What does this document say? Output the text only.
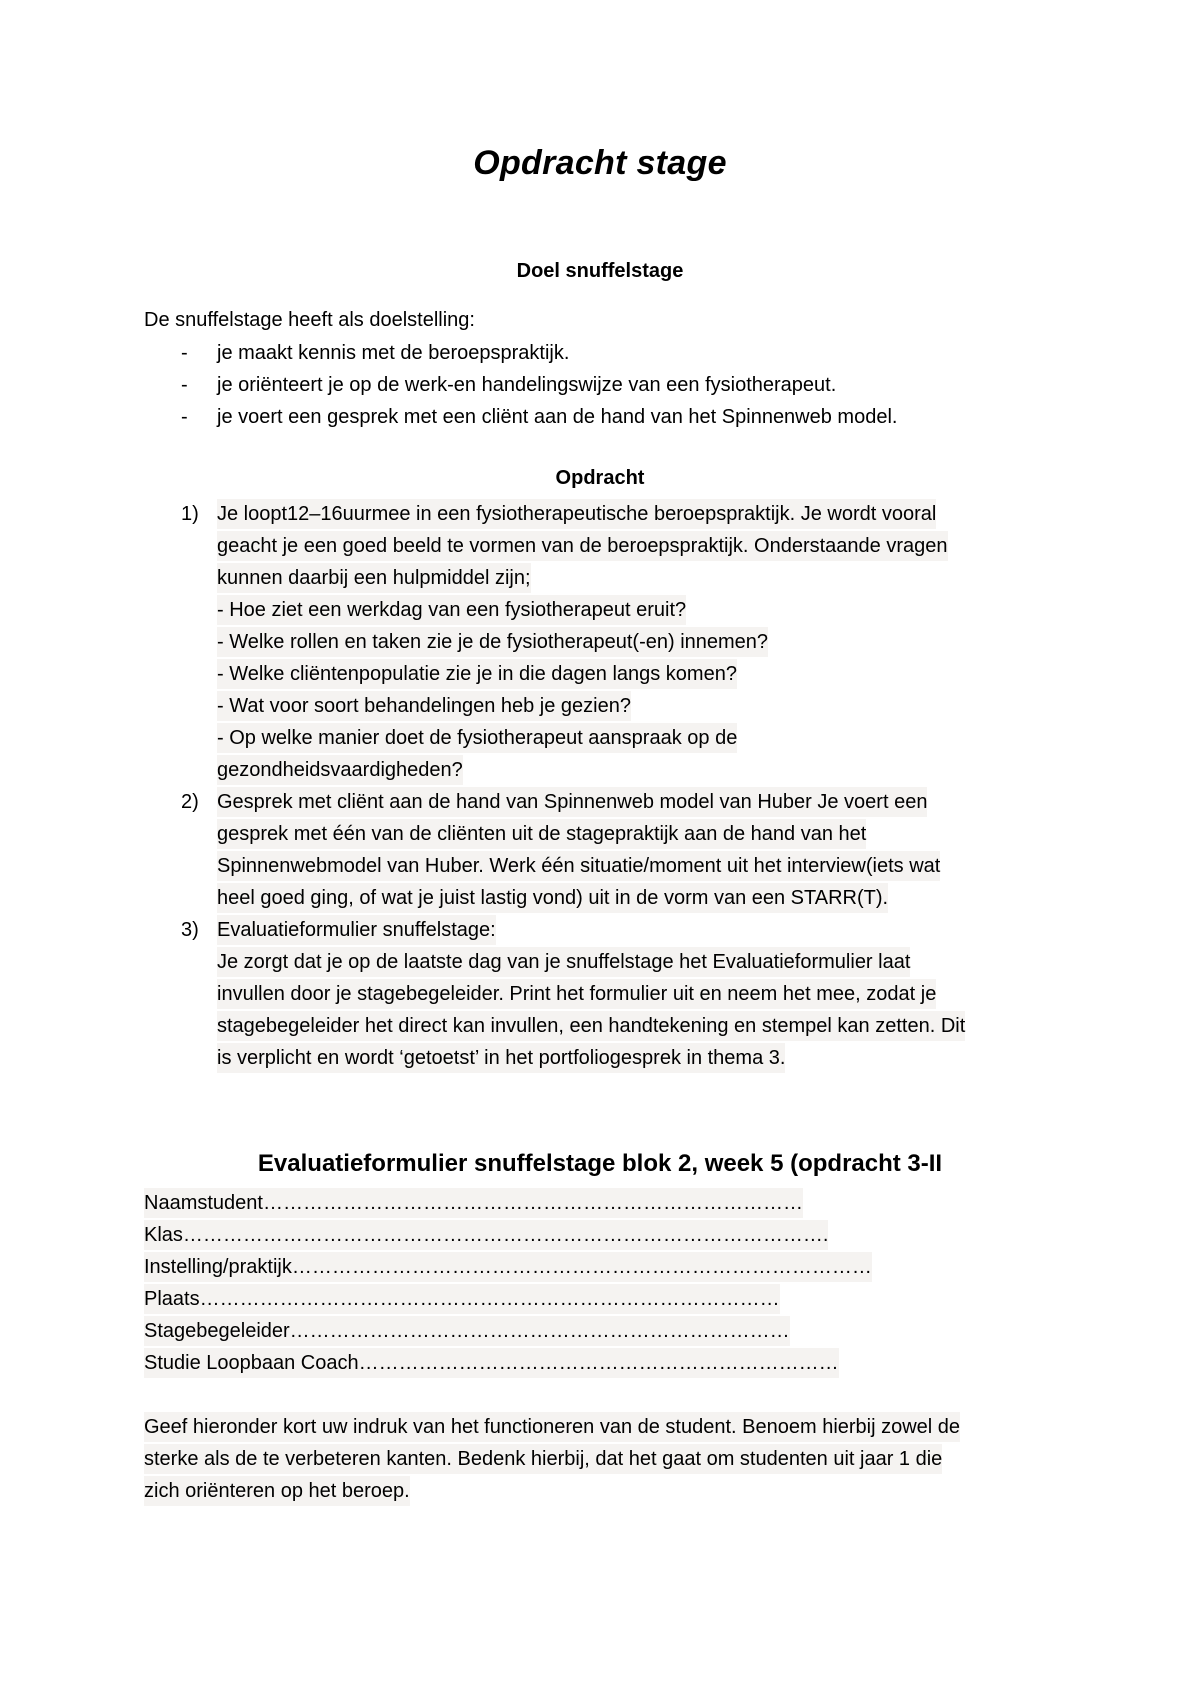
Opdracht stage
Doel snuffelstage
De snuffelstage heeft als doelstelling:
- je maakt kennis met de beroepspraktijk.
- je oriënteert je op de werk-en handelingswijze van een fysiotherapeut.
- je voert een gesprek met een cliënt aan de hand van het Spinnenweb model.
Opdracht
1) Je loopt12–16uurmee in een fysiotherapeutische beroepspraktijk. Je wordt vooral
geacht je een goed beeld te vormen van de beroepspraktijk. Onderstaande vragen
kunnen daarbij een hulpmiddel zijn;
- Hoe ziet een werkdag van een fysiotherapeut eruit?
- Welke rollen en taken zie je de fysiotherapeut(-en) innemen?
- Welke cliëntenpopulatie zie je in die dagen langs komen?
- Wat voor soort behandelingen heb je gezien?
- Op welke manier doet de fysiotherapeut aanspraak op de
gezondheidsvaardigheden?
2) Gesprek met cliënt aan de hand van Spinnenweb model van Huber Je voert een
gesprek met één van de cliënten uit de stagepraktijk aan de hand van het
Spinnenwebmodel van Huber. Werk één situatie/moment uit het interview(iets wat
heel goed ging, of wat je juist lastig vond) uit in de vorm van een STARR(T).
3) Evaluatieformulier snuffelstage:
Je zorgt dat je op de laatste dag van je snuffelstage het Evaluatieformulier laat
invullen door je stagebegeleider. Print het formulier uit en neem het mee, zodat je
stagebegeleider het direct kan invullen, een handtekening en stempel kan zetten. Dit
is verplicht en wordt ‘getoetst’ in het portfoliogesprek in thema 3.
Evaluatieformulier snuffelstage blok 2, week 5 (opdracht 3-II
Naamstudent………………………………………………………………………
Klas…………………………………………………………………………………….
Instelling/praktijk……………………………………………………………………………
Plaats……………………………………………………………………………
Stagebegeleider…………………………………………………………………
Studie Loopbaan Coach………………………………………………………………
Geef hieronder kort uw indruk van het functioneren van de student. Benoem hierbij zowel de
sterke als de te verbeteren kanten. Bedenk hierbij, dat het gaat om studenten uit jaar 1 die
zich oriënteren op het beroep.
